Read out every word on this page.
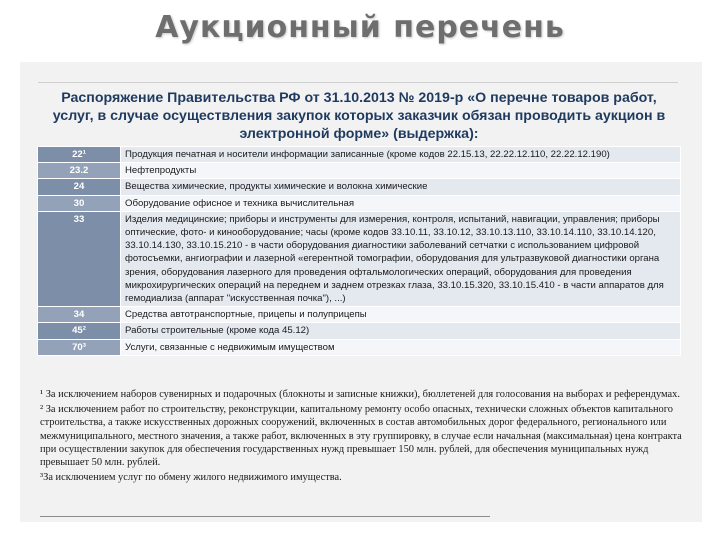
Аукционный перечень
Распоряжение Правительства РФ от 31.10.2013 № 2019-р «О перечне товаров работ, услуг, в случае осуществления закупок которых заказчик обязан проводить аукцион в электронной форме» (выдержка):
22¹	Продукция печатная и носители информации записанные (кроме кодов 22.15.13, 22.22.12.110, 22.22.12.190)
23.2	Нефтепродукты
24	Вещества химические, продукты химические и волокна химические
30	Оборудование офисное и техника вычислительная
33	Изделия медицинские; приборы и инструменты для измерения, контроля, испытаний, навигации, управления; приборы оптические, фото- и кинооборудование; часы (кроме кодов 33.10.11, 33.10.12, 33.10.13.110, 33.10.14.110, 33.10.14.120, 33.10.14.130, 33.10.15.210 - в части оборудования диагностики заболеваний сетчатки с использованием цифровой фотосъемки, ангиографии и лазерной «егерентной томографии, оборудования для ультразвуковой диагностики органа зрения, оборудования лазерного для проведения офтальмологических операций, оборудования для проведения микрохирургических операций на переднем и заднем отрезках глаза, 33.10.15.320, 33.10.15.410 - в части аппаратов для гемодиализа (аппарат "искусственная почка"), ...)
34	Средства автотранспортные, прицепы и полуприцепы
45²	Работы строительные (кроме кода 45.12)
70³	Услуги, связанные с недвижимым имуществом

¹ За исключением наборов сувенирных и подарочных (блокноты и записные книжки), бюллетеней для голосования на выборах и референдумах.

² За исключением работ по строительству, реконструкции, капитальному ремонту особо опасных, технически сложных объектов капитального строительства, а также искусственных дорожных сооружений, включенных в состав автомобильных дорог федерального, регионального или межмуниципального, местного значения, а также работ, включенных в эту группировку, в случае если начальная (максимальная) цена контракта при осуществлении закупок для обеспечения государственных нужд превышает 150 млн. рублей, для обеспечения муниципальных нужд превышает 50 млн. рублей.

³За исключением услуг по обмену жилого недвижимого имущества.
